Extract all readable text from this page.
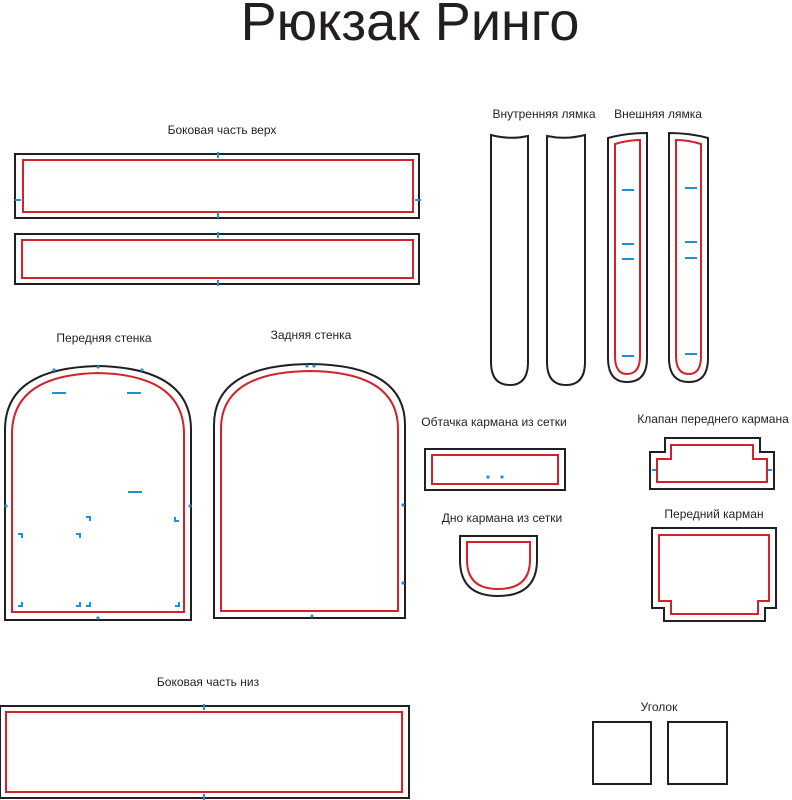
Рюкзак Ринго
Боковая часть верх
Внутренняя лямка Внешняя лямка
Передняя стенка	Задняя стенка
Обтачка кармана из сетки	Клапан переднего кармана
Дно кармана из сетки	Передний карман
Боковая часть низ
Уголок
